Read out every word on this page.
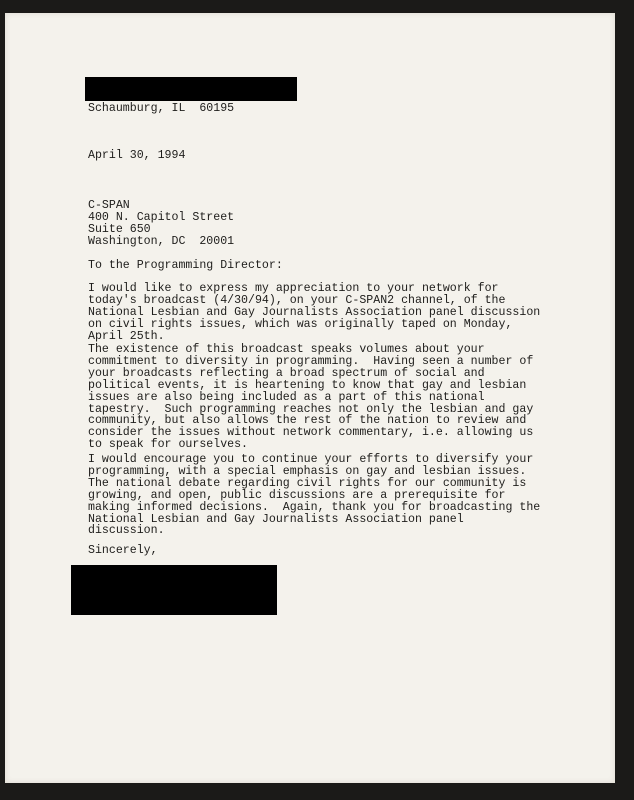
Schaumburg, IL  60195
April 30, 1994
C-SPAN
400 N. Capitol Street
Suite 650
Washington, DC  20001
To the Programming Director:
I would like to express my appreciation to your network for
today's broadcast (4/30/94), on your C-SPAN2 channel, of the
National Lesbian and Gay Journalists Association panel discussion
on civil rights issues, which was originally taped on Monday,
April 25th.
The existence of this broadcast speaks volumes about your
commitment to diversity in programming.  Having seen a number of
your broadcasts reflecting a broad spectrum of social and
political events, it is heartening to know that gay and lesbian
issues are also being included as a part of this national
tapestry.  Such programming reaches not only the lesbian and gay
community, but also allows the rest of the nation to review and
consider the issues without network commentary, i.e. allowing us
to speak for ourselves.
I would encourage you to continue your efforts to diversify your
programming, with a special emphasis on gay and lesbian issues.
The national debate regarding civil rights for our community is
growing, and open, public discussions are a prerequisite for
making informed decisions.  Again, thank you for broadcasting the
National Lesbian and Gay Journalists Association panel
discussion.
Sincerely,
